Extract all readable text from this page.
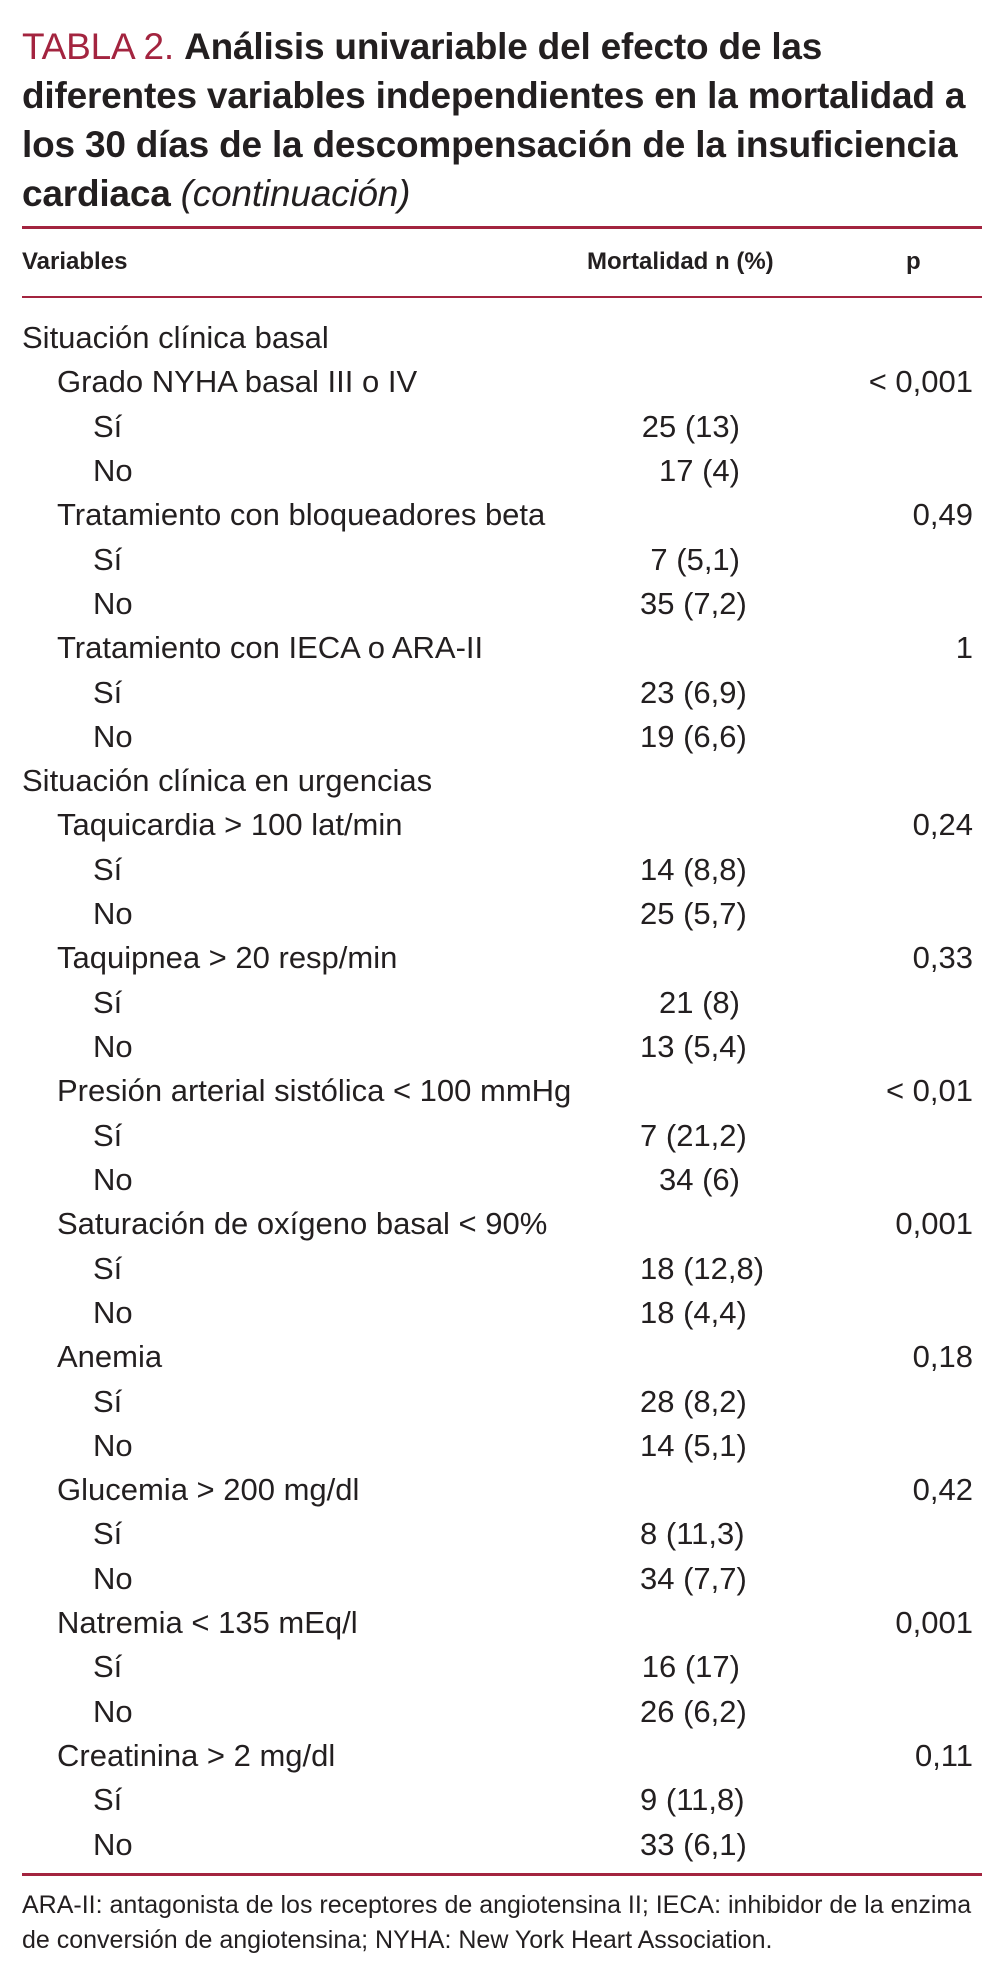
TABLA 2. Análisis univariable del efecto de las diferentes variables independientes en la mortalidad a los 30 días de la descompensación de la insuficiencia cardiaca (continuación)
Variables	Mortalidad n (%)	p
Situación clínica basal
Grado NYHA basal III o IV	< 0,001
Sí	25 (13)
No	17 (4)
Tratamiento con bloqueadores beta	0,49
Sí	7 (5,1)
No	35 (7,2)
Tratamiento con IECA o ARA-II	1
Sí	23 (6,9)
No	19 (6,6)
Situación clínica en urgencias
Taquicardia > 100 lat/min	0,24
Sí	14 (8,8)
No	25 (5,7)
Taquipnea > 20 resp/min	0,33
Sí	21 (8)
No	13 (5,4)
Presión arterial sistólica < 100 mmHg	< 0,01
Sí	7 (21,2)
No	34 (6)
Saturación de oxígeno basal < 90%	0,001
Sí	18 (12,8)
No	18 (4,4)
Anemia	0,18
Sí	28 (8,2)
No	14 (5,1)
Glucemia > 200 mg/dl	0,42
Sí	8 (11,3)
No	34 (7,7)
Natremia < 135 mEq/l	0,001
Sí	16 (17)
No	26 (6,2)
Creatinina > 2 mg/dl	0,11
Sí	9 (11,8)
No	33 (6,1)
ARA-II: antagonista de los receptores de angiotensina II; IECA: inhibidor de la enzima de conversión de angiotensina; NYHA: New York Heart Association.
